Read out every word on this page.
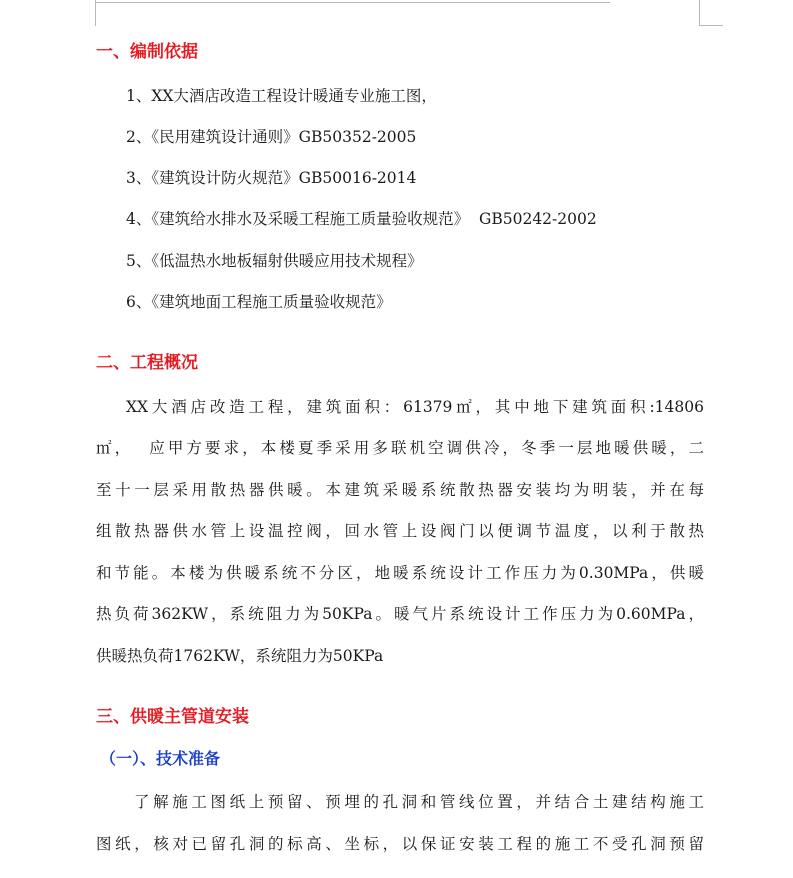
一、编制依据
1、XX大酒店改造工程设计暖通专业施工图，
2、《民用建筑设计通则》GB50352-2005
3、《建筑设计防火规范》GB50016-2014
4、《建筑给水排水及采暖工程施工质量验收规范》  GB50242-2002
5、《低温热水地板辐射供暖应用技术规程》
6、《建筑地面工程施工质量验收规范》
二、工程概况
XX大酒店改造工程，建筑面积：61379㎡，其中地下建筑面积:14806
㎡，  应甲方要求，本楼夏季采用多联机空调供冷，冬季一层地暖供暖，二
至十一层采用散热器供暖。本建筑采暖系统散热器安装均为明装，并在每
组散热器供水管上设温控阀，回水管上设阀门以便调节温度，以利于散热
和节能。本楼为供暖系统不分区，地暖系统设计工作压力为0.30MPa，供暖
热负荷362KW，系统阻力为50KPa。暖气片系统设计工作压力为0.60MPa，
供暖热负荷1762KW，系统阻力为50KPa
三、供暖主管道安装
（一）、技术准备
了解施工图纸上预留、预埋的孔洞和管线位置，并结合土建结构施工
图纸，核对已留孔洞的标高、坐标，以保证安装工程的施工不受孔洞预留
